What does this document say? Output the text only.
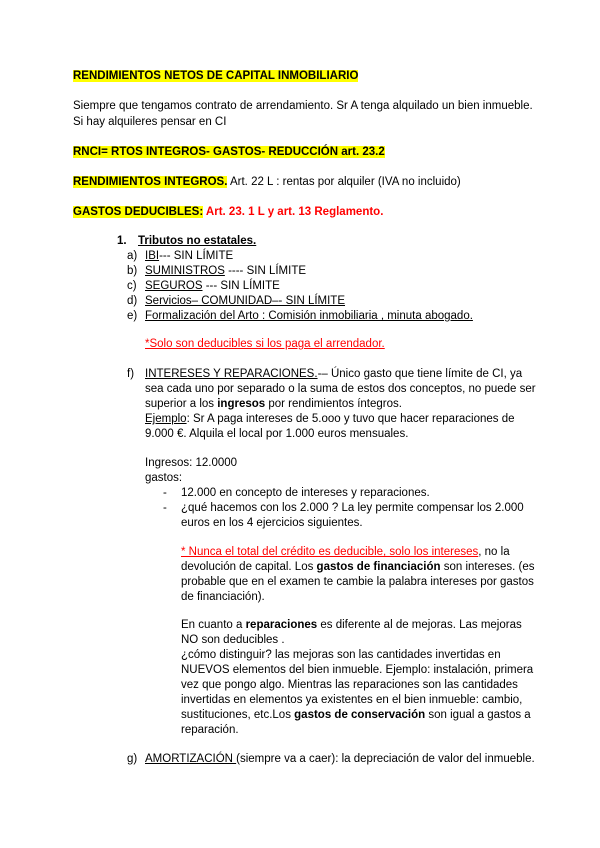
RENDIMIENTOS NETOS DE CAPITAL INMOBILIARIO
Siempre que tengamos contrato de arrendamiento. Sr A tenga alquilado un bien inmueble.
Si hay alquileres pensar en CI
RNCI= RTOS INTEGROS- GASTOS- REDUCCIÓN art. 23.2
RENDIMIENTOS INTEGROS. Art. 22 L : rentas por alquiler (IVA no incluido)
GASTOS DEDUCIBLES: Art. 23. 1 L y art. 13 Reglamento.
1. Tributos no estatales.
a) IBI--- SIN LÍMITE
b) SUMINISTROS ---- SIN LÍMITE
c) SEGUROS --- SIN LÍMITE
d) Servicios– COMUNIDAD–- SIN LÍMITE
e) Formalización del Arto : Comisión inmobiliaria , minuta abogado.
*Solo son deducibles si los paga el arrendador.
f) INTERESES Y REPARACIONES.-– Único gasto que tiene límite de CI, ya
sea cada uno por separado o la suma de estos dos conceptos, no puede ser
superior a los ingresos por rendimientos íntegros.
Ejemplo: Sr A paga intereses de 5.ooo y tuvo que hacer reparaciones de
9.000 €. Alquila el local por 1.000 euros mensuales.
Ingresos: 12.0000
gastos:
- 12.000 en concepto de intereses y reparaciones.
- ¿qué hacemos con los 2.000 ? La ley permite compensar los 2.000
euros en los 4 ejercicios siguientes.
* Nunca el total del crédito es deducible, solo los intereses, no la
devolución de capital. Los gastos de financiación son intereses. (es
probable que en el examen te cambie la palabra intereses por gastos
de financiación).
En cuanto a reparaciones es diferente al de mejoras. Las mejoras
NO son deducibles .
¿cómo distinguir? las mejoras son las cantidades invertidas en
NUEVOS elementos del bien inmueble. Ejemplo: instalación, primera
vez que pongo algo. Mientras las reparaciones son las cantidades
invertidas en elementos ya existentes en el bien inmueble: cambio,
sustituciones, etc.Los gastos de conservación son igual a gastos a
reparación.
g) AMORTIZACIÓN (siempre va a caer): la depreciación de valor del inmueble.
